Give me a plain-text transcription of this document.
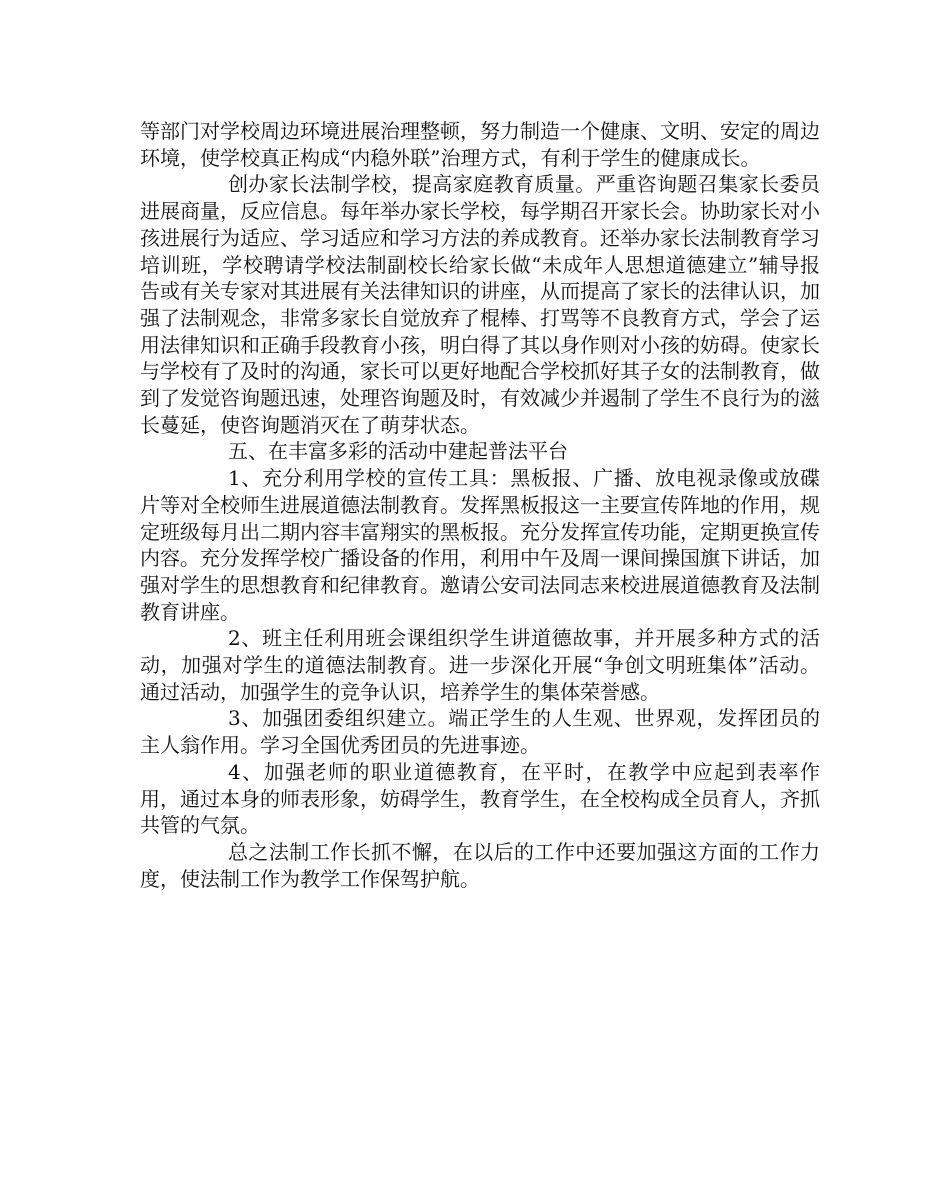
等部门对学校周边环境进展治理整顿，努力制造一个健康、文明、安定的周边环境，使学校真正构成“内稳外联”治理方式，有利于学生的健康成长。

创办家长法制学校，提高家庭教育质量。严重咨询题召集家长委员进展商量，反应信息。每年举办家长学校，每学期召开家长会。协助家长对小孩进展行为适应、学习适应和学习方法的养成教育。还举办家长法制教育学习培训班，学校聘请学校法制副校长给家长做“未成年人思想道德建立”辅导报告或有关专家对其进展有关法律知识的讲座，从而提高了家长的法律认识，加强了法制观念，非常多家长自觉放弃了棍棒、打骂等不良教育方式，学会了运用法律知识和正确手段教育小孩，明白得了其以身作则对小孩的妨碍。使家长与学校有了及时的沟通，家长可以更好地配合学校抓好其子女的法制教育，做到了发觉咨询题迅速，处理咨询题及时，有效减少并遏制了学生不良行为的滋长蔓延，使咨询题消灭在了萌芽状态。

五、在丰富多彩的活动中建起普法平台

1、充分利用学校的宣传工具：黑板报、广播、放电视录像或放碟片等对全校师生进展道德法制教育。发挥黑板报这一主要宣传阵地的作用，规定班级每月出二期内容丰富翔实的黑板报。充分发挥宣传功能，定期更换宣传内容。充分发挥学校广播设备的作用，利用中午及周一课间操国旗下讲话，加强对学生的思想教育和纪律教育。邀请公安司法同志来校进展道德教育及法制教育讲座。

2、班主任利用班会课组织学生讲道德故事，并开展多种方式的活动，加强对学生的道德法制教育。进一步深化开展“争创文明班集体”活动。通过活动，加强学生的竞争认识，培养学生的集体荣誉感。

3、加强团委组织建立。端正学生的人生观、世界观，发挥团员的主人翁作用。学习全国优秀团员的先进事迹。

4、加强老师的职业道德教育，在平时，在教学中应起到表率作用，通过本身的师表形象，妨碍学生，教育学生，在全校构成全员育人，齐抓共管的气氛。

总之法制工作长抓不懈，在以后的工作中还要加强这方面的工作力度，使法制工作为教学工作保驾护航。
